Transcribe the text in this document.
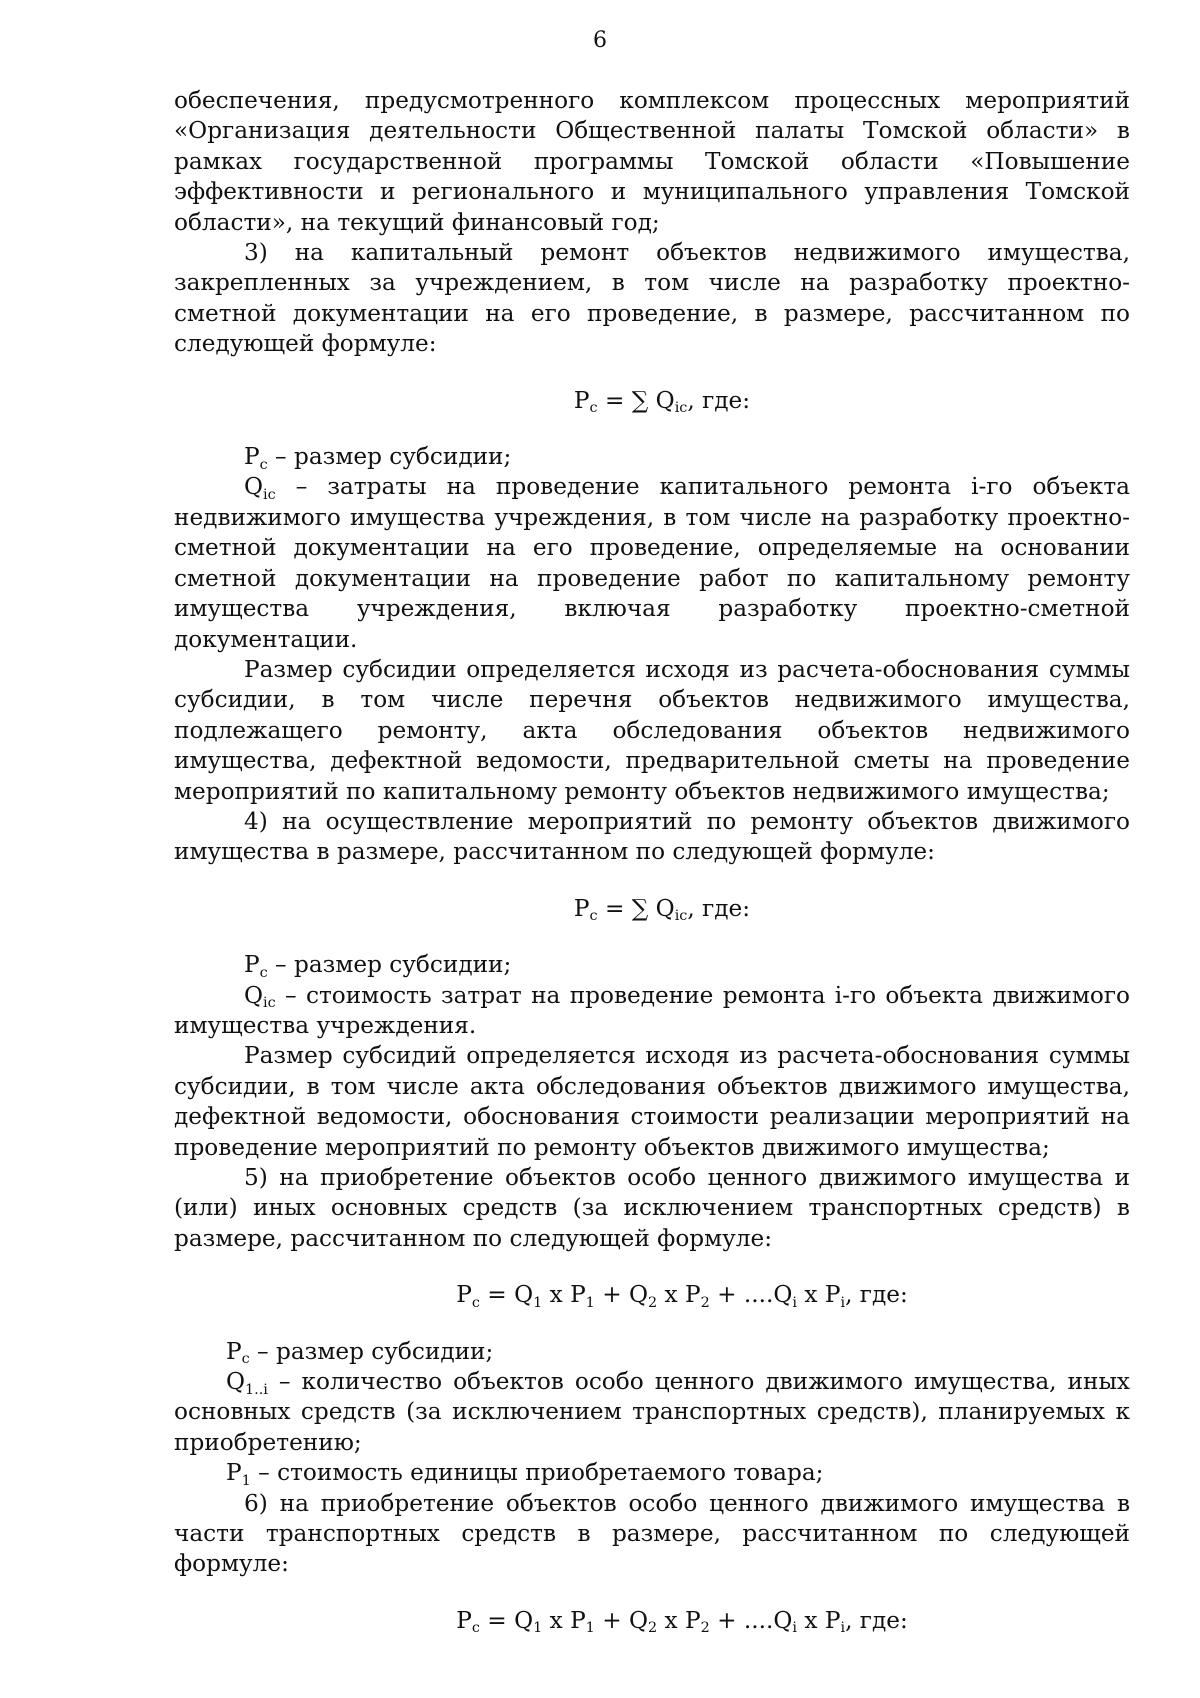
6

обеспечения, предусмотренного комплексом процессных мероприятий «Организация деятельности Общественной палаты Томской области» в рамках государственной программы Томской области «Повышение эффективности и регионального и муниципального управления Томской области», на текущий финансовый год;

3) на капитальный ремонт объектов недвижимого имущества, закрепленных за учреждением, в том числе на разработку проектно-сметной документации на его проведение, в размере, рассчитанном по следующей формуле:

$P_c$ = ∑ $Q_{ic}$, где:

$P_c$ – размер субсидии;

$Q_{ic}$ – затраты на проведение капитального ремонта i-го объекта недвижимого имущества учреждения, в том числе на разработку проектно-сметной документации на его проведение, определяемые на основании сметной документации на проведение работ по капитальному ремонту имущества учреждения, включая разработку проектно-сметной документации.

Размер субсидии определяется исходя из расчета-обоснования суммы субсидии, в том числе перечня объектов недвижимого имущества, подлежащего ремонту, акта обследования объектов недвижимого имущества, дефектной ведомости, предварительной сметы на проведение мероприятий по капитальному ремонту объектов недвижимого имущества;

4) на осуществление мероприятий по ремонту объектов движимого имущества в размере, рассчитанном по следующей формуле:

$P_c$ = ∑ $Q_{ic}$, где:

$P_c$ – размер субсидии;

$Q_{ic}$ – стоимость затрат на проведение ремонта i-го объекта движимого имущества учреждения.

Размер субсидий определяется исходя из расчета-обоснования суммы субсидии, в том числе акта обследования объектов движимого имущества, дефектной ведомости, обоснования стоимости реализации мероприятий на проведение мероприятий по ремонту объектов движимого имущества;

5) на приобретение объектов особо ценного движимого имущества и (или) иных основных средств (за исключением транспортных средств) в размере, рассчитанном по следующей формуле:

$P_c = Q_1$ x $P_1 + Q_2$ x $P_2 + ....Q_i$ x $P_i$, где:

$P_c$ – размер субсидии;

$Q_{1..i}$ – количество объектов особо ценного движимого имущества, иных основных средств (за исключением транспортных средств), планируемых к приобретению;

$P_1$ – стоимость единицы приобретаемого товара;

6) на приобретение объектов особо ценного движимого имущества в части транспортных средств в размере, рассчитанном по следующей формуле:

$P_c = Q_1$ x $P_1 + Q_2$ x $P_2 + ....Q_i$ x $P_i$, где:
